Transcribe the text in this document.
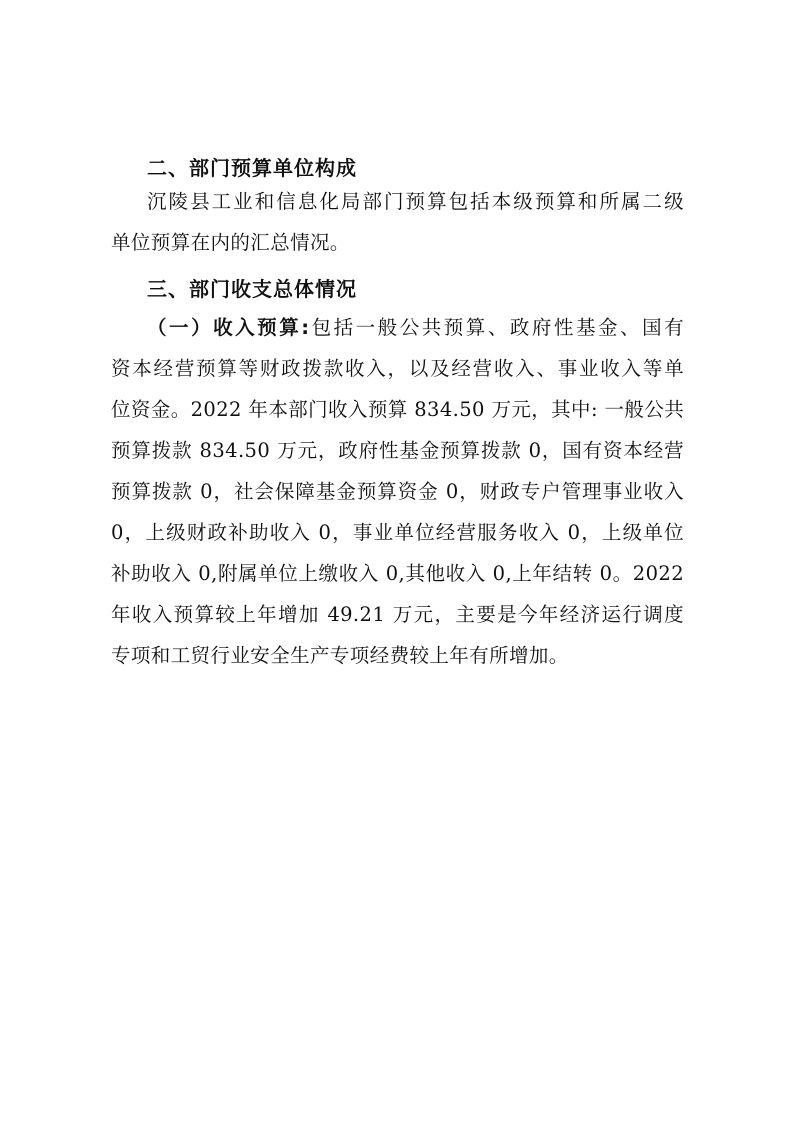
二、部门预算单位构成
沉陵县工业和信息化局部门预算包括本级预算和所属二级
单位预算在内的汇总情况。
三、部门收支总体情况
（一）收入预算:包括一般公共预算、政府性基金、国有
资本经营预算等财政拨款收入，以及经营收入、事业收入等单
位资金。2022 年本部门收入预算 834.50 万元，其中: 一般公共
预算拨款 834.50 万元，政府性基金预算拨款 0，国有资本经营
预算拨款 0，社会保障基金预算资金 0，财政专户管理事业收入
0，上级财政补助收入 0，事业单位经营服务收入 0，上级单位
补助收入 0,附属单位上缴收入 0,其他收入 0,上年结转 0。2022
年收入预算较上年增加 49.21 万元，主要是今年经济运行调度
专项和工贸行业安全生产专项经费较上年有所增加。
